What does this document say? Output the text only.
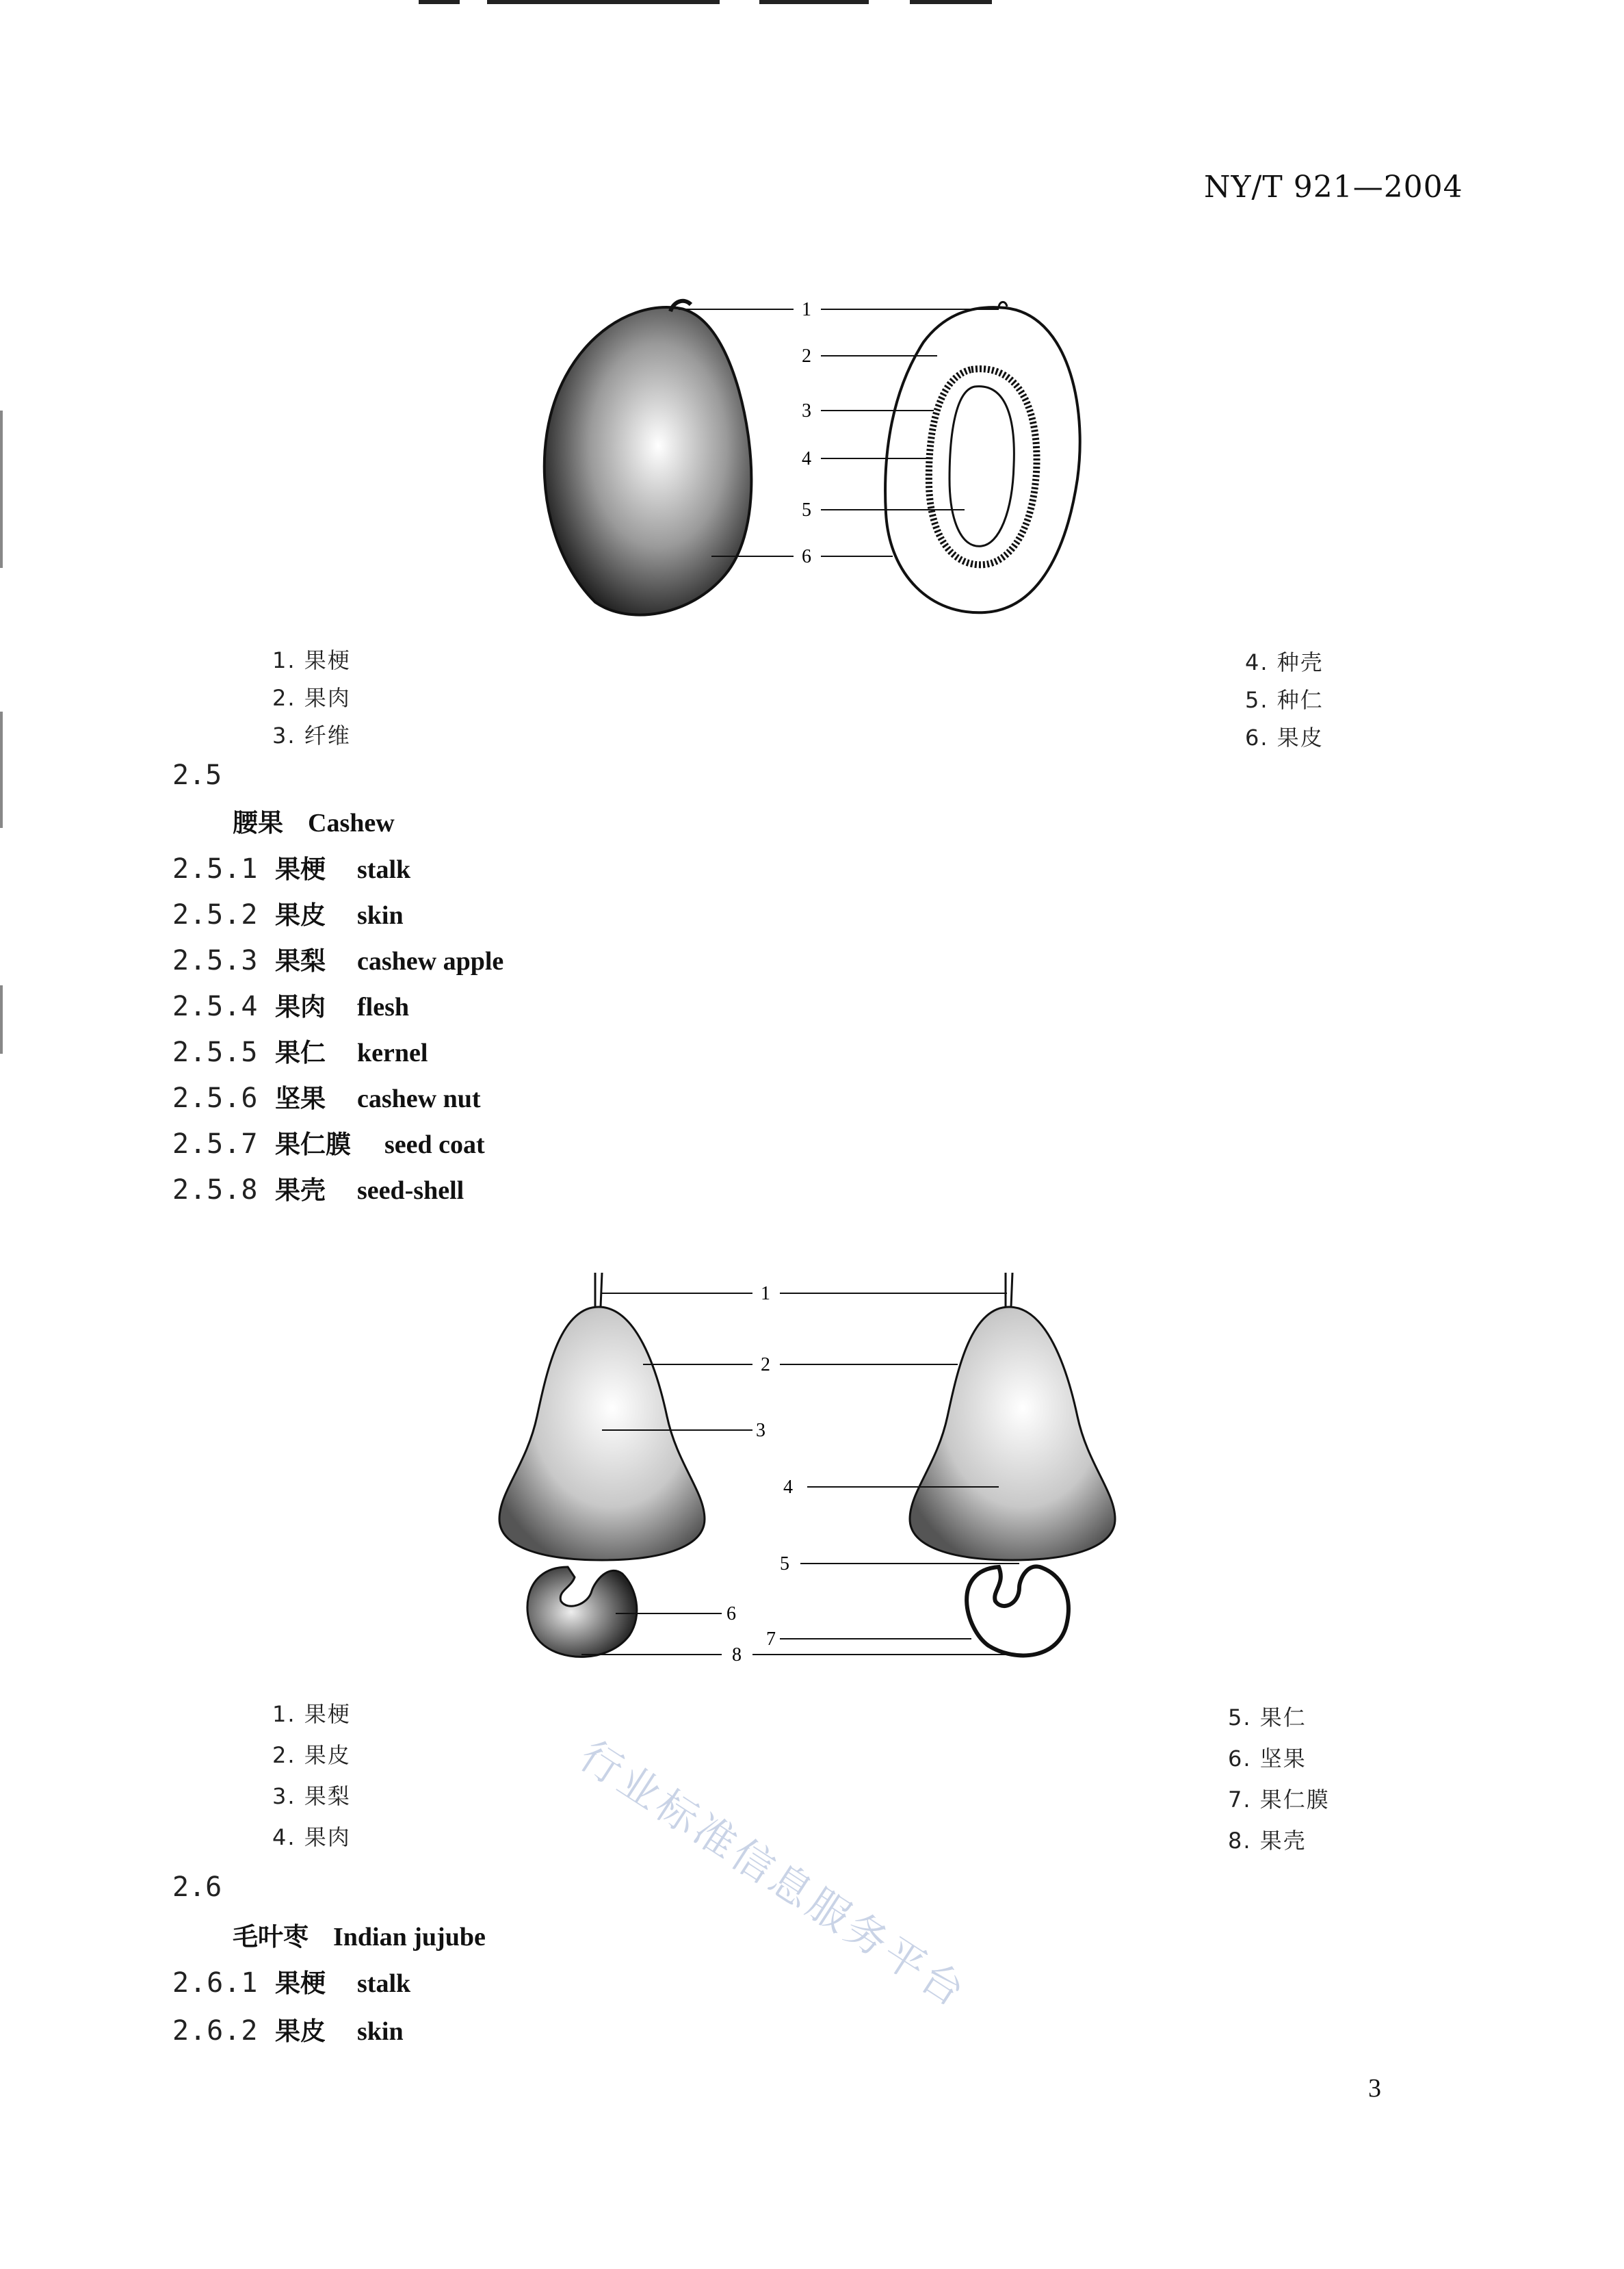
NY/T 921—2004
1
2
3
4
5
6
1. 果梗
2. 果肉
3. 纤维
4. 种壳
5. 种仁
6. 果皮
2.5
腰果 Cashew
2.5.1 果梗	stalk
2.5.2 果皮	skin
2.5.3 果梨	cashew apple
2.5.4 果肉	flesh
2.5.5 果仁	kernel
2.5.6 坚果	cashew nut
2.5.7 果仁膜	seed coat
2.5.8 果壳	seed-shell
1
2
3
4
5
6
7
8
1. 果梗
2. 果皮
3. 果梨
4. 果肉
5. 果仁
6. 坚果
7. 果仁膜
8. 果壳
2.6
毛叶枣 Indian jujube
2.6.1 果梗	stalk
2.6.2 果皮	skin
行业标准信息服务平台
3
